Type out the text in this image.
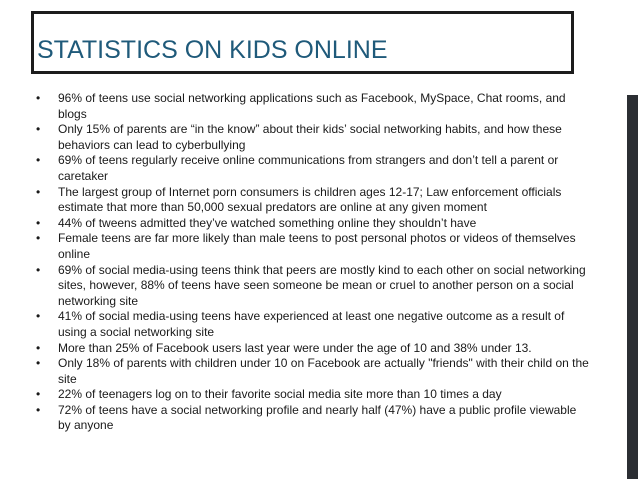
STATISTICS ON KIDS ONLINE
• 96% of teens use social networking applications such as Facebook, MySpace, Chat rooms, and blogs
• Only 15% of parents are “in the know” about their kids’ social networking habits, and how these behaviors can lead to cyberbullying
• 69% of teens regularly receive online communications from strangers and don’t tell a parent or caretaker
• The largest group of Internet porn consumers is children ages 12-17; Law enforcement officials estimate that more than 50,000 sexual predators are online at any given moment
• 44% of tweens admitted they’ve watched something online they shouldn’t have
• Female teens are far more likely than male teens to post personal photos or videos of themselves online
• 69% of social media-using teens think that peers are mostly kind to each other on social networking sites, however, 88% of teens have seen someone be mean or cruel to another person on a social networking site
• 41% of social media-using teens have experienced at least one negative outcome as a result of using a social networking site
• More than 25% of Facebook users last year were under the age of 10 and 38% under 13.
• Only 18% of parents with children under 10 on Facebook are actually "friends" with their child on the site
• 22% of teenagers log on to their favorite social media site more than 10 times a day
• 72% of teens have a social networking profile and nearly half (47%) have a public profile viewable by anyone
